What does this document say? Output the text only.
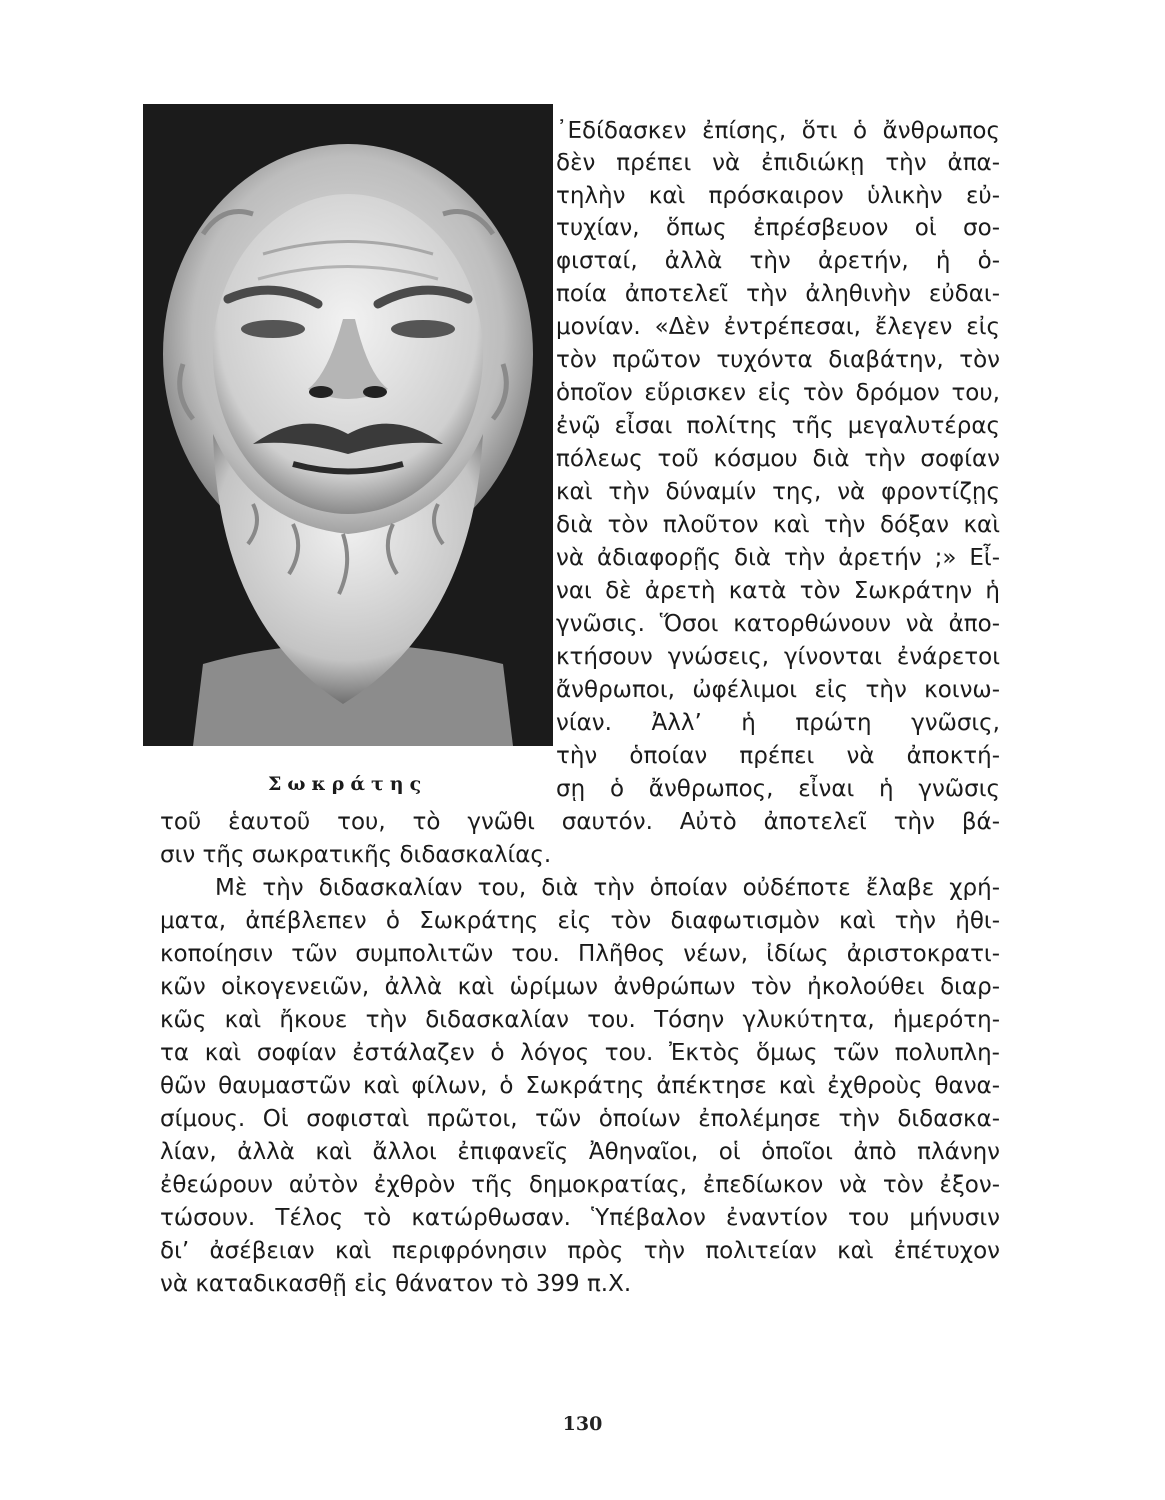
Σωκράτης
᾿Εδίδασκεν ἐπίσης, ὅτι ὁ ἄνθρωπος
δὲν πρέπει νὰ ἐπιδιώκῃ τὴν ἀπα-
τηλὴν καὶ πρόσκαιρον ὑλικὴν εὐ-
τυχίαν, ὅπως ἐπρέσβευον οἱ σο-
φισταί, ἀλλὰ τὴν ἀρετήν, ἡ ὁ-
ποία ἀποτελεῖ τὴν ἀληθινὴν εὐδαι-
μονίαν. «Δὲν ἐντρέπεσαι, ἔλεγεν εἰς
τὸν πρῶτον τυχόντα διαβάτην, τὸν
ὁποῖον εὕρισκεν εἰς τὸν δρόμον του,
ἐνῷ εἶσαι πολίτης τῆς μεγαλυτέρας
πόλεως τοῦ κόσμου διὰ τὴν σοφίαν
καὶ τὴν δύναμίν της, νὰ φροντίζῃς
διὰ τὸν πλοῦτον καὶ τὴν δόξαν καὶ
νὰ ἀδιαφορῇς διὰ τὴν ἀρετήν ;» Εἶ-
ναι δὲ ἀρετὴ κατὰ τὸν Σωκράτην ἡ
γνῶσις. Ὅσοι κατορθώνουν νὰ ἀπο-
κτήσουν γνώσεις, γίνονται ἐνάρετοι
ἄνθρωποι, ὠφέλιμοι εἰς τὴν κοινω-
νίαν. Ἀλλ’ ἡ πρώτη γνῶσις,
τὴν ὁποίαν πρέπει νὰ ἀποκτή-
σῃ ὁ ἄνθρωπος, εἶναι ἡ γνῶσις
τοῦ ἑαυτοῦ του, τὸ γνῶθι σαυτόν. Αὐτὸ ἀποτελεῖ τὴν βά-
σιν τῆς σωκρατικῆς διδασκαλίας.
Μὲ τὴν διδασκαλίαν του, διὰ τὴν ὁποίαν οὐδέποτε ἔλαβε χρή-
ματα, ἀπέβλεπεν ὁ Σωκράτης εἰς τὸν διαφωτισμὸν καὶ τὴν ἠθι-
κοποίησιν τῶν συμπολιτῶν του. Πλῆθος νέων, ἰδίως ἀριστοκρατι-
κῶν οἰκογενειῶν, ἀλλὰ καὶ ὡρίμων ἀνθρώπων τὸν ἠκολούθει διαρ-
κῶς καὶ ἤκουε τὴν διδασκαλίαν του. Τόσην γλυκύτητα, ἡμερότη-
τα καὶ σοφίαν ἐστάλαζεν ὁ λόγος του. Ἐκτὸς ὅμως τῶν πολυπλη-
θῶν θαυμαστῶν καὶ φίλων, ὁ Σωκράτης ἀπέκτησε καὶ ἐχθροὺς θανα-
σίμους. Οἱ σοφισταὶ πρῶτοι, τῶν ὁποίων ἐπολέμησε τὴν διδασκα-
λίαν, ἀλλὰ καὶ ἄλλοι ἐπιφανεῖς Ἀθηναῖοι, οἱ ὁποῖοι ἀπὸ πλάνην
ἐθεώρουν αὐτὸν ἐχθρὸν τῆς δημοκρατίας, ἐπεδίωκον νὰ τὸν ἐξον-
τώσουν. Τέλος τὸ κατώρθωσαν. Ὑπέβαλον ἐναντίον του μήνυσιν
δι’ ἀσέβειαν καὶ περιφρόνησιν πρὸς τὴν πολιτείαν καὶ ἐπέτυχον
νὰ καταδικασθῇ εἰς θάνατον τὸ 399 π.Χ.
130
